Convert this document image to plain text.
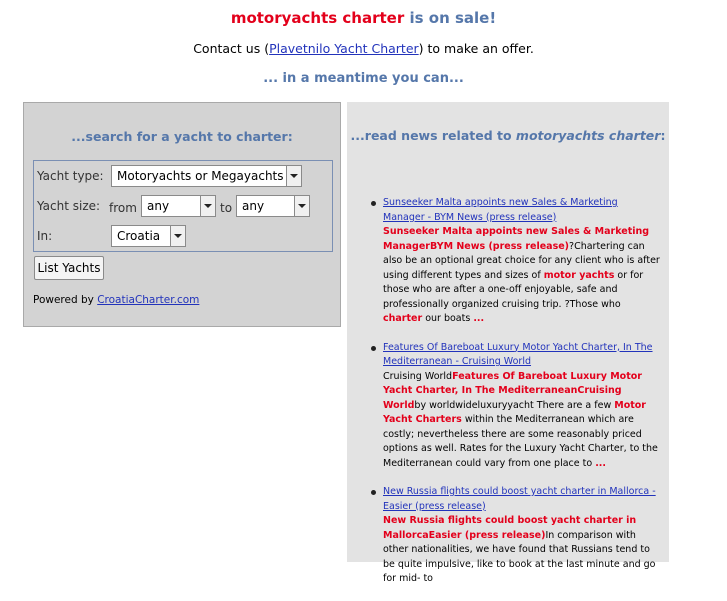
motoryachts charter is on sale!
Contact us (Plavetnilo Yacht Charter) to make an offer.
... in a meantime you can...
...search for a yacht to charter:
Yacht type:	Motoryachts or Megayachts
Yacht size: from any	to any
In:	Croatia
List Yachts
Powered by CroatiaCharter.com
...read news related to motoryachts charter:
Sunseeker Malta appoints new Sales & Marketing Manager - BYM News (press release)
Sunseeker Malta appoints new Sales & Marketing ManagerBYM News (press release)?Chartering can also be an optional great choice for any client who is after using different types and sizes of motor yachts or for those who are after a one-off enjoyable, safe and professionally organized cruising trip. ?Those who charter our boats ...
Features Of Bareboat Luxury Motor Yacht Charter, In The Mediterranean - Cruising World
Cruising WorldFeatures Of Bareboat Luxury Motor Yacht Charter, In The MediterraneanCruising Worldby worldwideluxuryyacht There are a few Motor Yacht Charters within the Mediterranean which are costly; nevertheless there are some reasonably priced options as well. Rates for the Luxury Yacht Charter, to the Mediterranean could vary from one place to ...
New Russia flights could boost yacht charter in Mallorca - Easier (press release)
New Russia flights could boost yacht charter in MallorcaEasier (press release)In comparison with other nationalities, we have found that Russians tend to be quite impulsive, like to book at the last minute and go for mid- to
